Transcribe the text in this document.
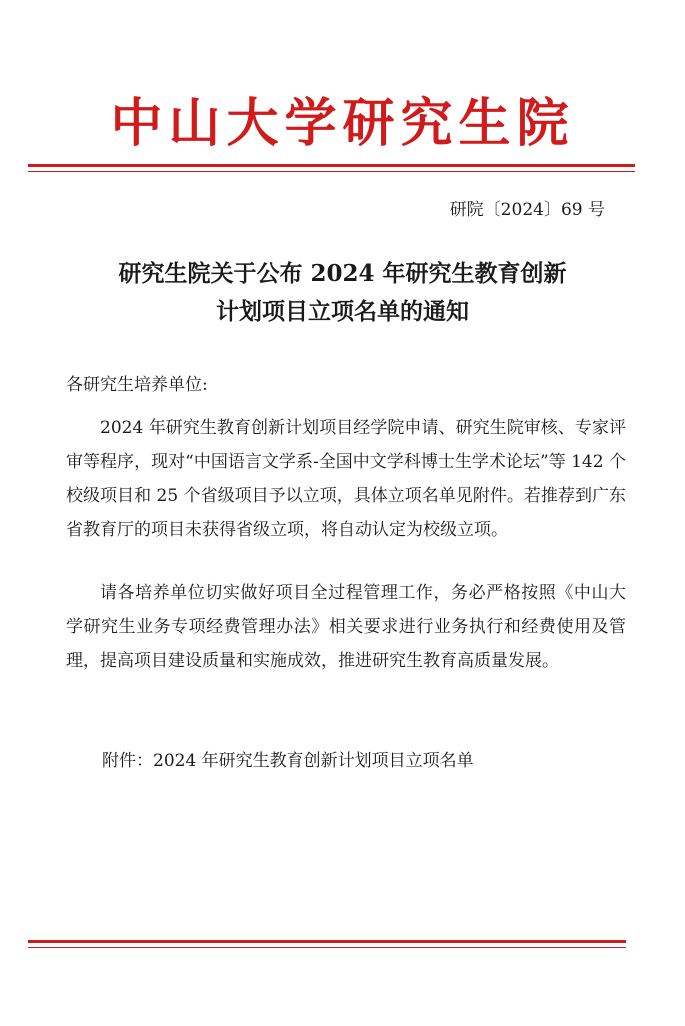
中山大学研究生院
研院〔2024〕69 号
研究生院关于公布 2024 年研究生教育创新
计划项目立项名单的通知
各研究生培养单位:

2024 年研究生教育创新计划项目经学院申请、研究生院审核、专家评审等程序，现对“中国语言文学系-全国中文学科博士生学术论坛”等 142 个校级项目和 25 个省级项目予以立项，具体立项名单见附件。若推荐到广东省教育厅的项目未获得省级立项，将自动认定为校级立项。

请各培养单位切实做好项目全过程管理工作，务必严格按照《中山大学研究生业务专项经费管理办法》相关要求进行业务执行和经费使用及管理，提高项目建设质量和实施成效，推进研究生教育高质量发展。

附件：2024 年研究生教育创新计划项目立项名单
